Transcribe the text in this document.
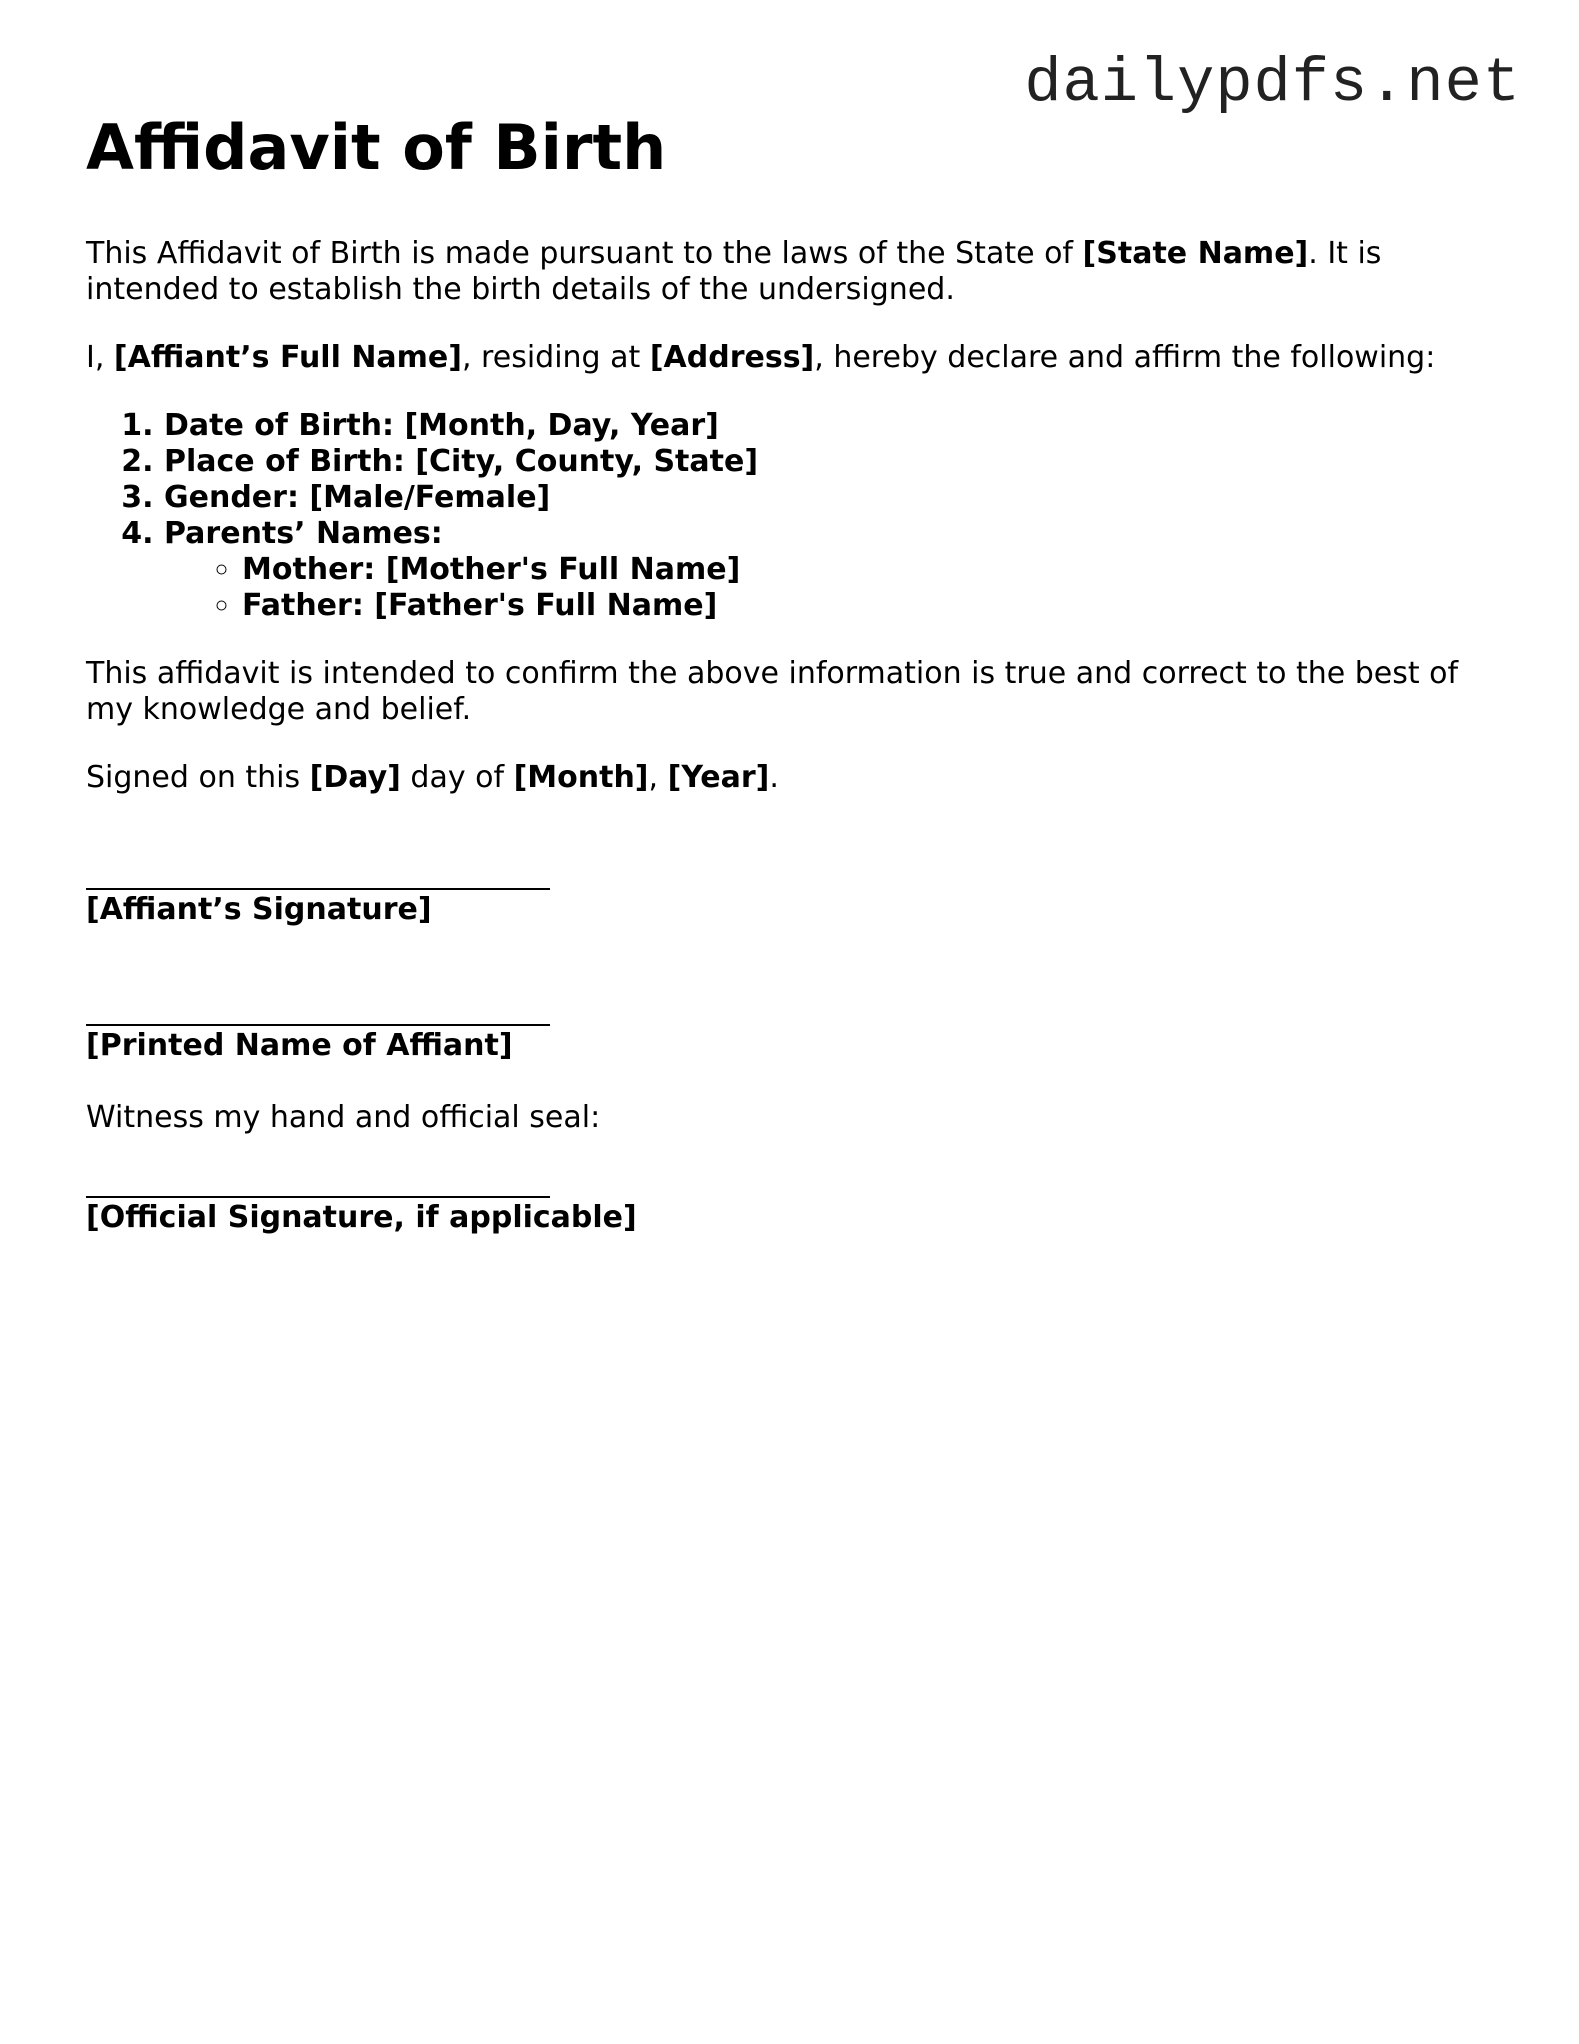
dailypdfs.net
Affidavit of Birth

This Affidavit of Birth is made pursuant to the laws of the State of [State Name]. It is intended to establish the birth details of the undersigned.

I, [Affiant’s Full Name], residing at [Address], hereby declare and affirm the following:

1. Date of Birth: [Month, Day, Year]
2. Place of Birth: [City, County, State]
3. Gender: [Male/Female]
4. Parents’ Names:
◦ Mother: [Mother's Full Name]
◦ Father: [Father's Full Name]

This affidavit is intended to confirm the above information is true and correct to the best of my knowledge and belief.

Signed on this [Day] day of [Month], [Year].

[Affiant’s Signature]
[Printed Name of Affiant]

Witness my hand and official seal:

[Official Signature, if applicable]
